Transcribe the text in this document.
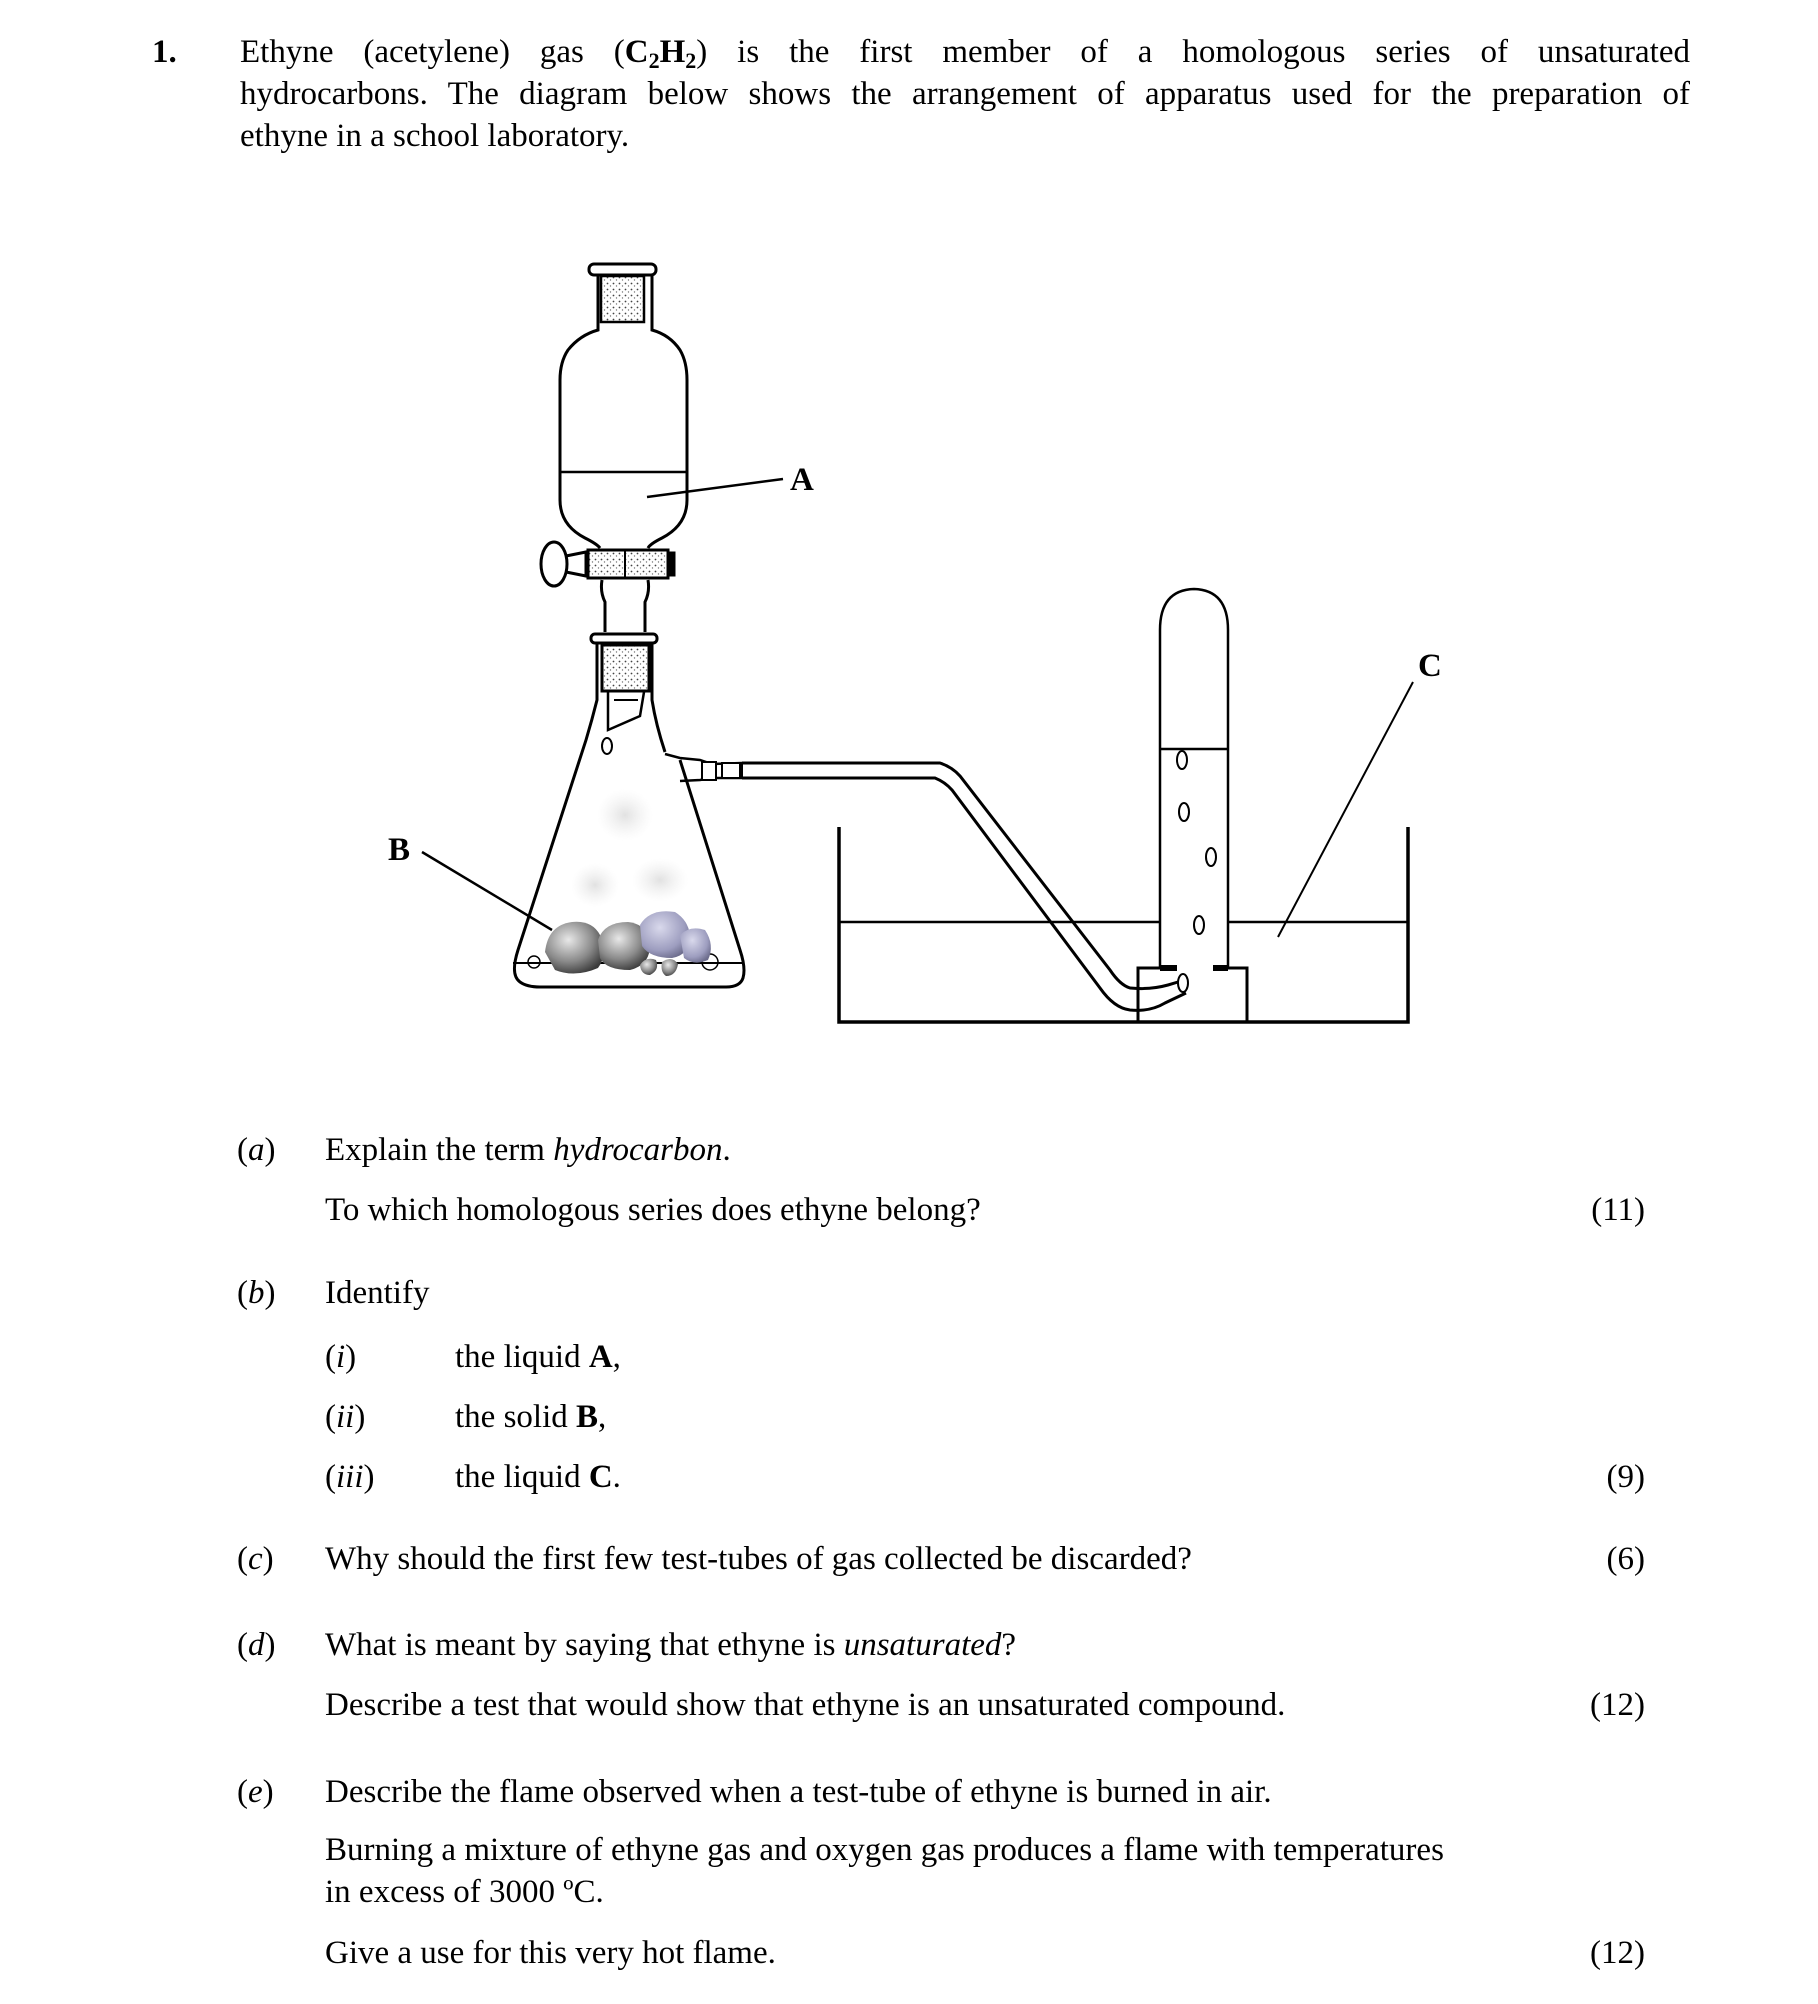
1. Ethyne (acetylene) gas $(C_2H_2)$ is the first member of a homologous series of unsaturated
hydrocarbons. The diagram below shows the arrangement of apparatus used for the preparation of
ethyne in a school laboratory.
A
B
C
(a) Explain the term hydrocarbon.
To which homologous series does ethyne belong?	(11)
(b) Identify
(i)	the liquid A,
(ii)	the solid B,
(iii) the liquid C.	(9)
(c) Why should the first few test-tubes of gas collected be discarded?	(6)
(d) What is meant by saying that ethyne is unsaturated?
Describe a test that would show that ethyne is an unsaturated compound.	(12)
(e) Describe the flame observed when a test-tube of ethyne is burned in air.
Burning a mixture of ethyne gas and oxygen gas produces a flame with temperatures
in excess of 3000 ºC.
Give a use for this very hot flame.	(12)
